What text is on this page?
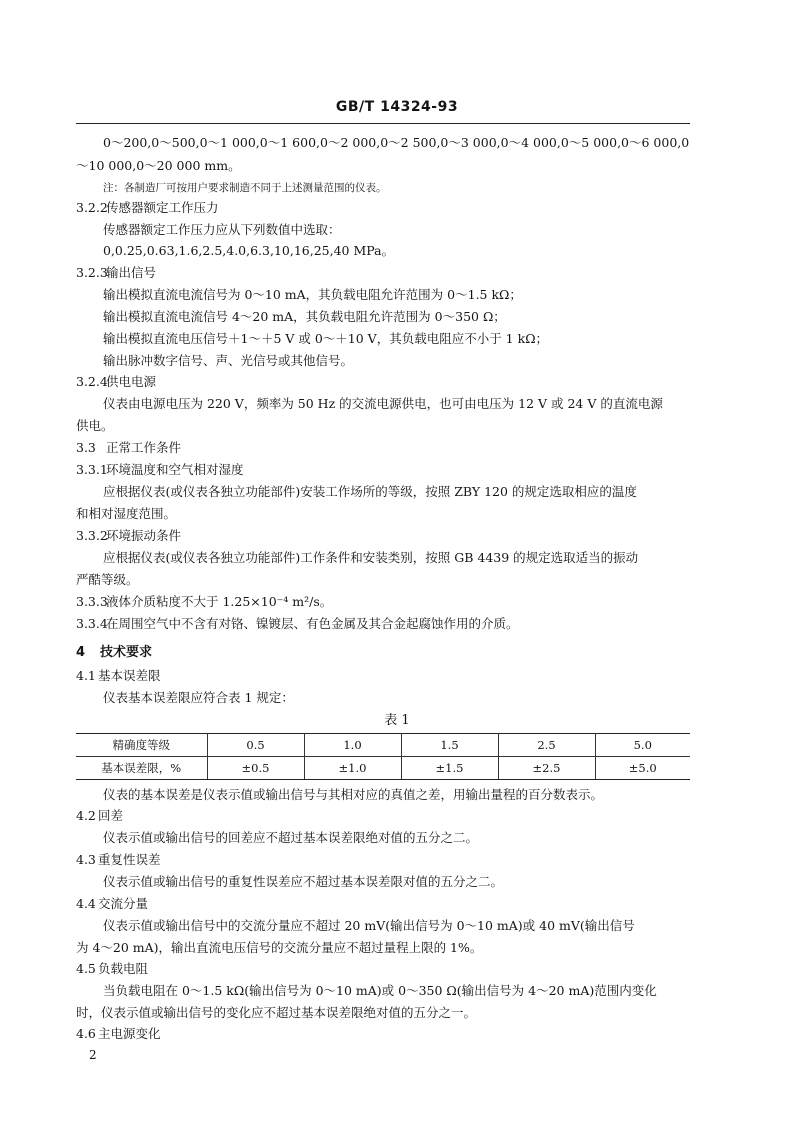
GB/T 14324-93
0～200,0～500,0～1 000,0～1 600,0～2 000,0～2 500,0～3 000,0～4 000,0～5 000,0～6 000,0
～10 000,0～20 000 mm。
注：各制造厂可按用户要求制造不同于上述测量范围的仪表。
3.2.2传感器额定工作压力
传感器额定工作压力应从下列数值中选取：
0,0.25,0.63,1.6,2.5,4.0,6.3,10,16,25,40 MPa。
3.2.3输出信号
输出模拟直流电流信号为 0～10 mA，其负载电阻允许范围为 0～1.5 kΩ；
输出模拟直流电流信号 4～20 mA，其负载电阻允许范围为 0～350 Ω；
输出模拟直流电压信号＋1～＋5 V 或 0～＋10 V，其负载电阻应不小于 1 kΩ；
输出脉冲数字信号、声、光信号或其他信号。
3.2.4供电电源
仪表由电源电压为 220 V，频率为 50 Hz 的交流电源供电，也可由电压为 12 V 或 24 V 的直流电源
供电。
3.3 正常工作条件
3.3.1环境温度和空气相对湿度
应根据仪表(或仪表各独立功能部件)安装工作场所的等级，按照 ZBY 120 的规定选取相应的温度
和相对湿度范围。
3.3.2环境振动条件
应根据仪表(或仪表各独立功能部件)工作条件和安装类别，按照 GB 4439 的规定选取适当的振动
严酷等级。
3.3.3液体介质粘度不大于 1.25×10⁻⁴ m²/s。
3.3.4在周围空气中不含有对铬、镍镀层、有色金属及其合金起腐蚀作用的介质。
4 技术要求
4.1 基本误差限
仪表基本误差限应符合表 1 规定：
表 1
精确度等级	0.5	1.0	1.5	2.5	5.0
基本误差限，%	±0.5	±1.0	±1.5	±2.5	±5.0
仪表的基本误差是仪表示值或输出信号与其相对应的真值之差，用输出量程的百分数表示。
4.2 回差
仪表示值或输出信号的回差应不超过基本误差限绝对值的五分之二。
4.3 重复性误差
仪表示值或输出信号的重复性误差应不超过基本误差限对值的五分之二。
4.4 交流分量
仪表示值或输出信号中的交流分量应不超过 20 mV(输出信号为 0～10 mA)或 40 mV(输出信号
为 4～20 mA)，输出直流电压信号的交流分量应不超过量程上限的 1%。
4.5 负载电阻
当负载电阻在 0～1.5 kΩ(输出信号为 0～10 mA)或 0～350 Ω(输出信号为 4～20 mA)范围内变化
时，仪表示值或输出信号的变化应不超过基本误差限绝对值的五分之一。
4.6 主电源变化
2
